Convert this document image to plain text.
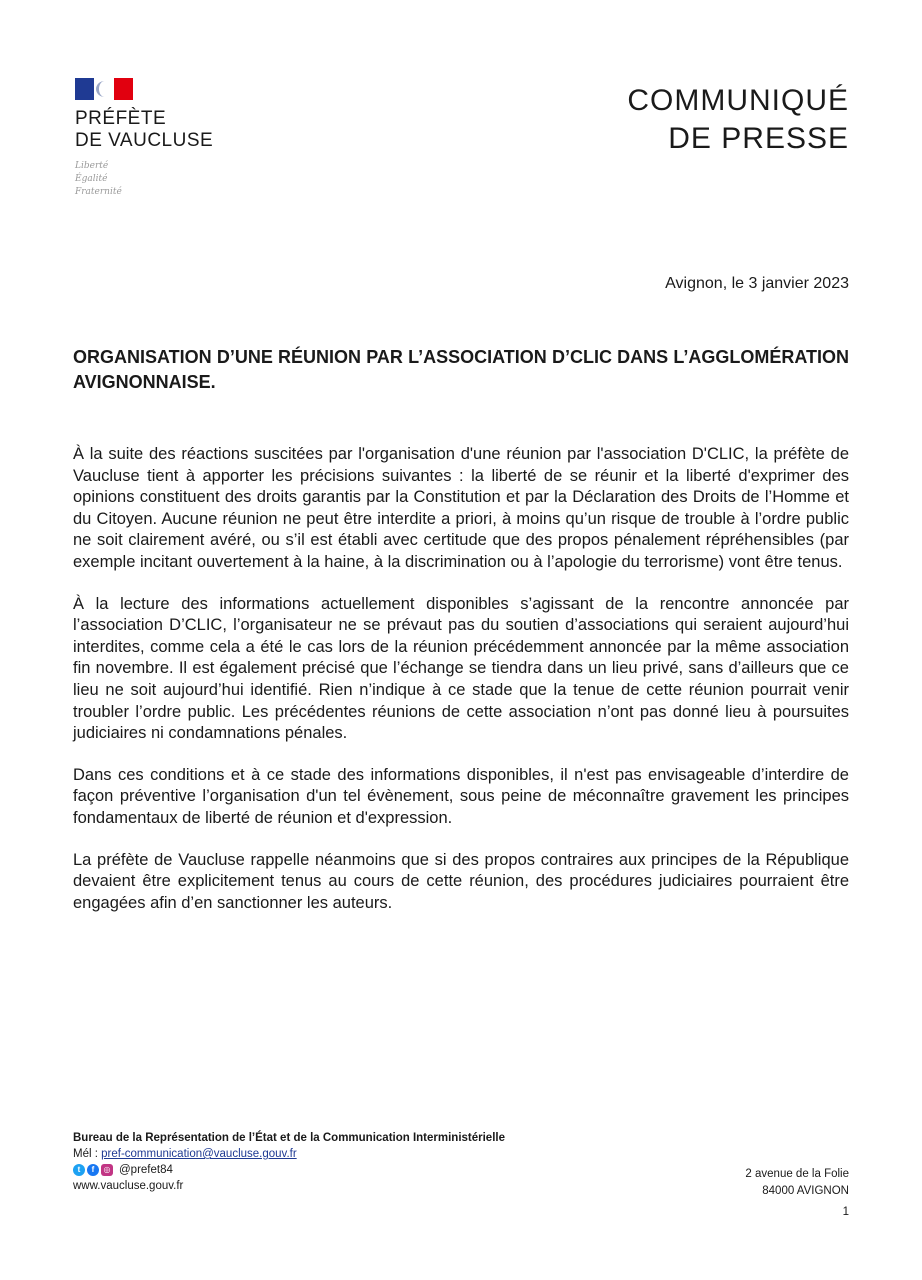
PRÉFÈTE
DE VAUCLUSE
Liberté
Égalité
Fraternité
COMMUNIQUÉ
DE PRESSE
Avignon, le 3 janvier 2023
ORGANISATION D’UNE RÉUNION PAR L’ASSOCIATION D’CLIC DANS L’AGGLOMÉRATION AVIGNONNAISE.

À la suite des réactions suscitées par l'organisation d'une réunion par l'association D'CLIC, la préfète de Vaucluse tient à apporter les précisions suivantes : la liberté de se réunir et la liberté d'exprimer des opinions constituent des droits garantis par la Constitution et par la Déclaration des Droits de l’Homme et du Citoyen. Aucune réunion ne peut être interdite a priori, à moins qu’un risque de trouble à l’ordre public ne soit clairement avéré, ou s’il est établi avec certitude que des propos pénalement répréhensibles (par exemple incitant ouvertement à la haine, à la discrimination ou à l’apologie du terrorisme) vont être tenus.

À la lecture des informations actuellement disponibles s’agissant de la rencontre annoncée par l’association D’CLIC, l’organisateur ne se prévaut pas du soutien d’associations qui seraient aujourd’hui interdites, comme cela a été le cas lors de la réunion précédemment annoncée par la même association fin novembre. Il est également précisé que l’échange se tiendra dans un lieu privé, sans d’ailleurs que ce lieu ne soit aujourd’hui identifié. Rien n’indique à ce stade que la tenue de cette réunion pourrait venir troubler l’ordre public. Les précédentes réunions de cette association n’ont pas donné lieu à poursuites judiciaires ni condamnations pénales.

Dans ces conditions et à ce stade des informations disponibles, il n'est pas envisageable d’interdire de façon préventive l’organisation d'un tel évènement, sous peine de méconnaître gravement les principes fondamentaux de liberté de réunion et d'expression.

La préfète de Vaucluse rappelle néanmoins que si des propos contraires aux principes de la République devaient être explicitement tenus au cours de cette réunion, des procédures judiciaires pourraient être engagées afin d’en sanctionner les auteurs.

Bureau de la Représentation de l’État et de la Communication Interministérielle
Mél : pref-communication@vaucluse.gouv.fr
t	f	◎ @prefet84
www.vaucluse.gouv.fr
2 avenue de la Folie
84000 AVIGNON
1
